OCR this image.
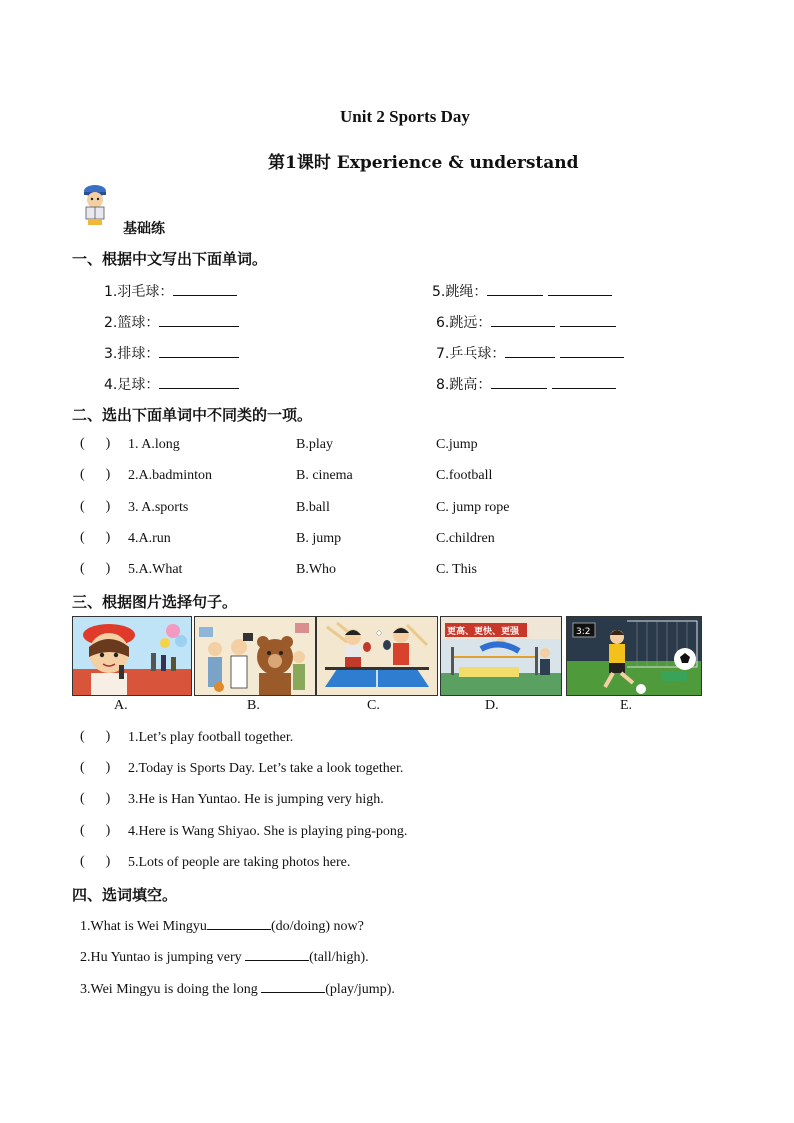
Unit 2 Sports Day
第1课时 Experience & understand
基础练
一、根据中文写出下面单词。
1.羽毛球：	5.跳绳：
2.篮球：	6.跳远：
3.排球：	7.乒乓球：
4.足球：	8.跳高：
二、选出下面单词中不同类的一项。
(      ) 1. A.long	B.play	C.jump
(      ) 2.A.badminton	B. cinema	C.football
(      ) 3. A.sports	B.ball	C. jump rope
(      ) 4.A.run	B. jump	C.children
(      ) 5.A.What	B.Who	C. This
三、根据图片选择句子。
更高、更快、更强	3:2
A.	B.	C.	D.	E.
(      ) 1.Let’s play football together.
(      ) 2.Today is Sports Day. Let’s take a look together.
(      ) 3.He is Han Yuntao. He is jumping very high.
(      ) 4.Here is Wang Shiyao. She is playing ping-pong.
(      ) 5.Lots of people are taking photos here.
四、选词填空。
1.What is Wei Mingyu	(do/doing) now?
2.Hu Yuntao is jumping very	(tall/high).
3.Wei Mingyu is doing the long	(play/jump).
